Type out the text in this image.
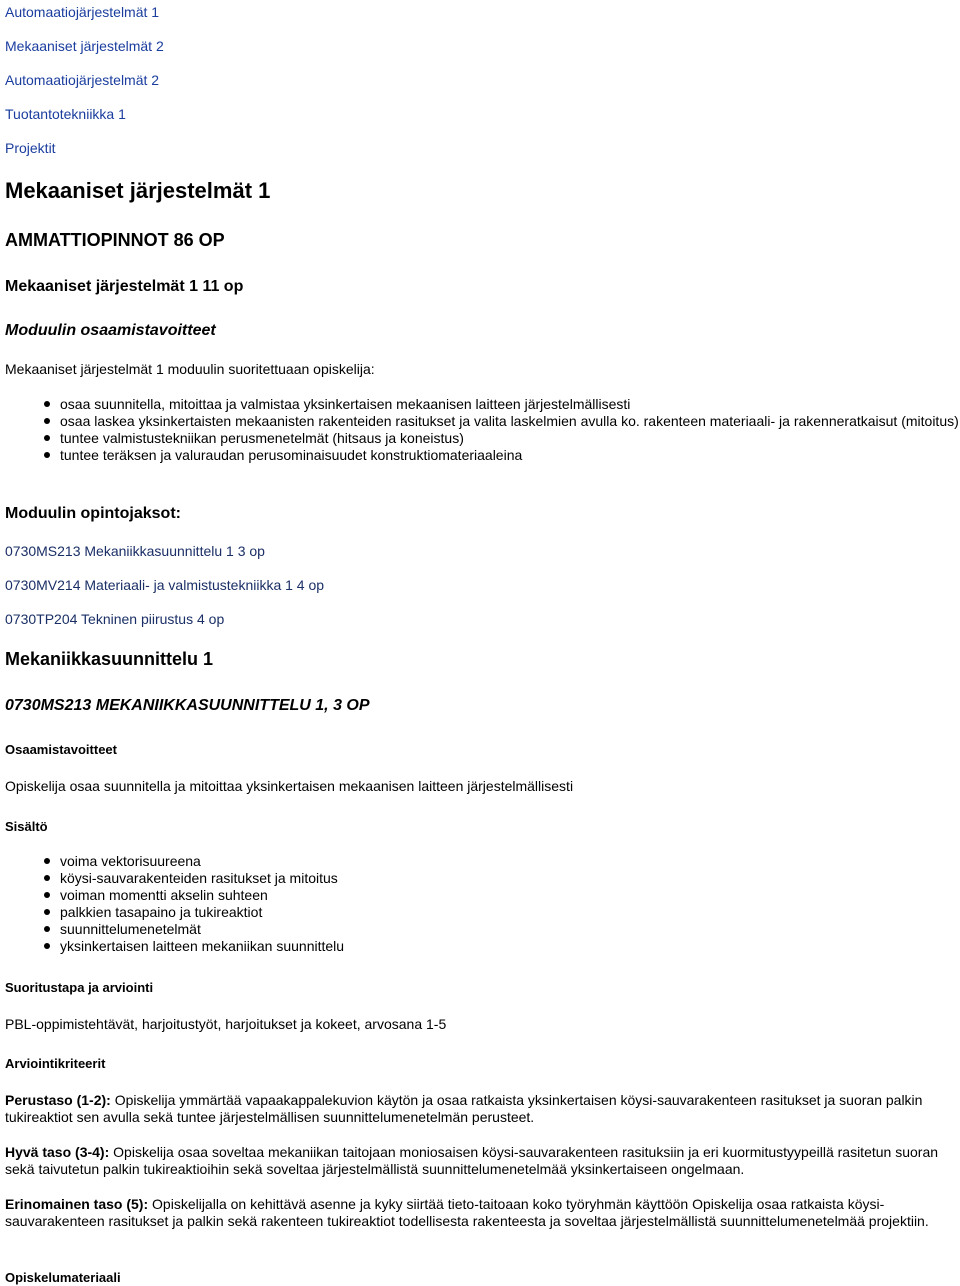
Automaatiojärjestelmät 1
Mekaaniset järjestelmät 2
Automaatiojärjestelmät 2
Tuotantotekniikka 1
Projektit
Mekaaniset järjestelmät 1
AMMATTIOPINNOT 86 OP
Mekaaniset järjestelmät 1 11 op
Moduulin osaamistavoitteet
Mekaaniset järjestelmät 1 moduulin suoritettuaan opiskelija:
osaa suunnitella, mitoittaa ja valmistaa yksinkertaisen mekaanisen laitteen järjestelmällisesti
osaa laskea yksinkertaisten mekaanisten rakenteiden rasitukset ja valita laskelmien avulla ko. rakenteen materiaali- ja rakenneratkaisut (mitoitus)
tuntee valmistustekniikan perusmenetelmät (hitsaus ja koneistus)
tuntee teräksen ja valuraudan perusominaisuudet konstruktiomateriaaleina
Moduulin opintojaksot:
0730MS213 Mekaniikkasuunnittelu 1 3 op
0730MV214 Materiaali- ja valmistustekniikka 1 4 op
0730TP204 Tekninen piirustus 4 op
Mekaniikkasuunnittelu 1
0730MS213 MEKANIIKKASUUNNITTELU 1, 3 OP
Osaamistavoitteet
Opiskelija osaa suunnitella ja mitoittaa yksinkertaisen mekaanisen laitteen järjestelmällisesti
Sisältö
voima vektorisuureena
köysi-sauvarakenteiden rasitukset ja mitoitus
voiman momentti akselin suhteen
palkkien tasapaino ja tukireaktiot
suunnittelumenetelmät
yksinkertaisen laitteen mekaniikan suunnittelu
Suoritustapa ja arviointi
PBL-oppimistehtävät, harjoitustyöt, harjoitukset ja kokeet, arvosana 1-5
Arviointikriteerit
Perustaso (1-2): Opiskelija ymmärtää vapaakappalekuvion käytön ja osaa ratkaista yksinkertaisen köysi-sauvarakenteen rasitukset ja suoran palkin tukireaktiot sen avulla sekä tuntee järjestelmällisen suunnittelumenetelmän perusteet.
Hyvä taso (3-4): Opiskelija osaa soveltaa mekaniikan taitojaan moniosaisen köysi-sauvarakenteen rasituksiin ja eri kuormitustyypeillä rasitetun suoran sekä taivutetun palkin tukireaktioihin sekä soveltaa järjestelmällistä suunnittelumenetelmää yksinkertaiseen ongelmaan.
Erinomainen taso (5): Opiskelijalla on kehittävä asenne ja kyky siirtää tieto-taitoaan koko työryhmän käyttöön Opiskelija osaa ratkaista köysi-sauvarakenteen rasitukset ja palkin sekä rakenteen tukireaktiot todellisesta rakenteesta ja soveltaa järjestelmällistä suunnittelumenetelmää projektiin.
Opiskelumateriaali
